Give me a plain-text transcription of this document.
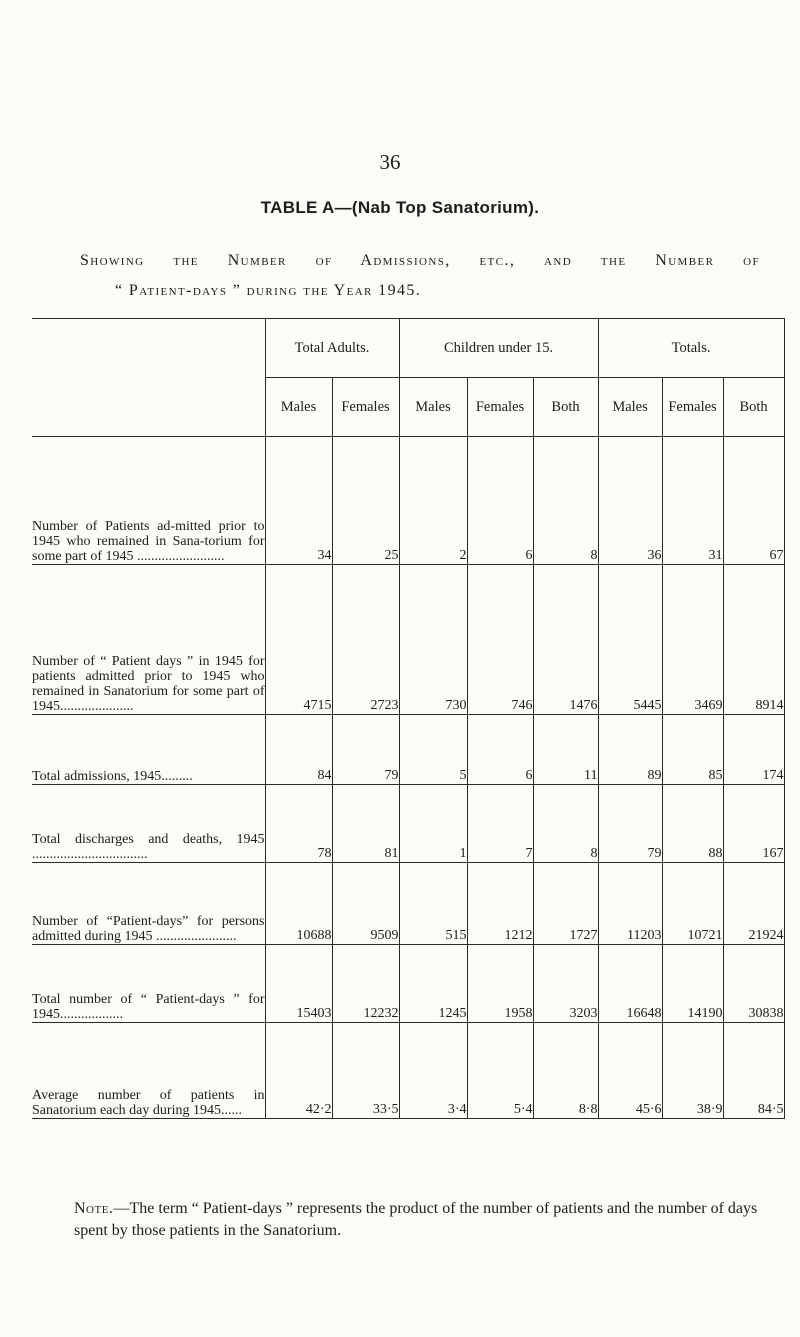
36
TABLE A—(Nab Top Sanatorium).
Showing the Number of Admissions, etc., and the Number of
“ Patient-days ” during the Year 1945.
	Total Adults.		Children under 15.			Totals.		
	Males	Females	Males	Females	Both	Males	Females	Both
Number of Patients ad-mitted prior to 1945 who remained in Sana-torium for some part of 1945 .........................	34	25	2	6	8	36	31	67
Number of “ Patient days ” in 1945 for patients admitted prior to 1945 who remained in Sanatorium for some part of 1945.....................	4715	2723	730	746	1476	5445	3469	8914
Total admissions, 1945.........	84	79	5	6	11	89	85	174
Total discharges and deaths, 1945 .................................	78	81	1	7	8	79	88	167
Number of “Patient-days” for persons admitted during 1945 .......................	10688	9509	515	1212	1727	11203	10721	21924
Total number of “ Patient-days ” for 1945..................	15403	12232	1245	1958	3203	16648	14190	30838
Average number of patients in Sanatorium each day during 1945......	42·2	33·5	3·4	5·4	8·8	45·6	38·9	84·5
Note.—The term “ Patient-days ” represents the product of the number of patients and the number of days spent by those patients in the Sanatorium.
